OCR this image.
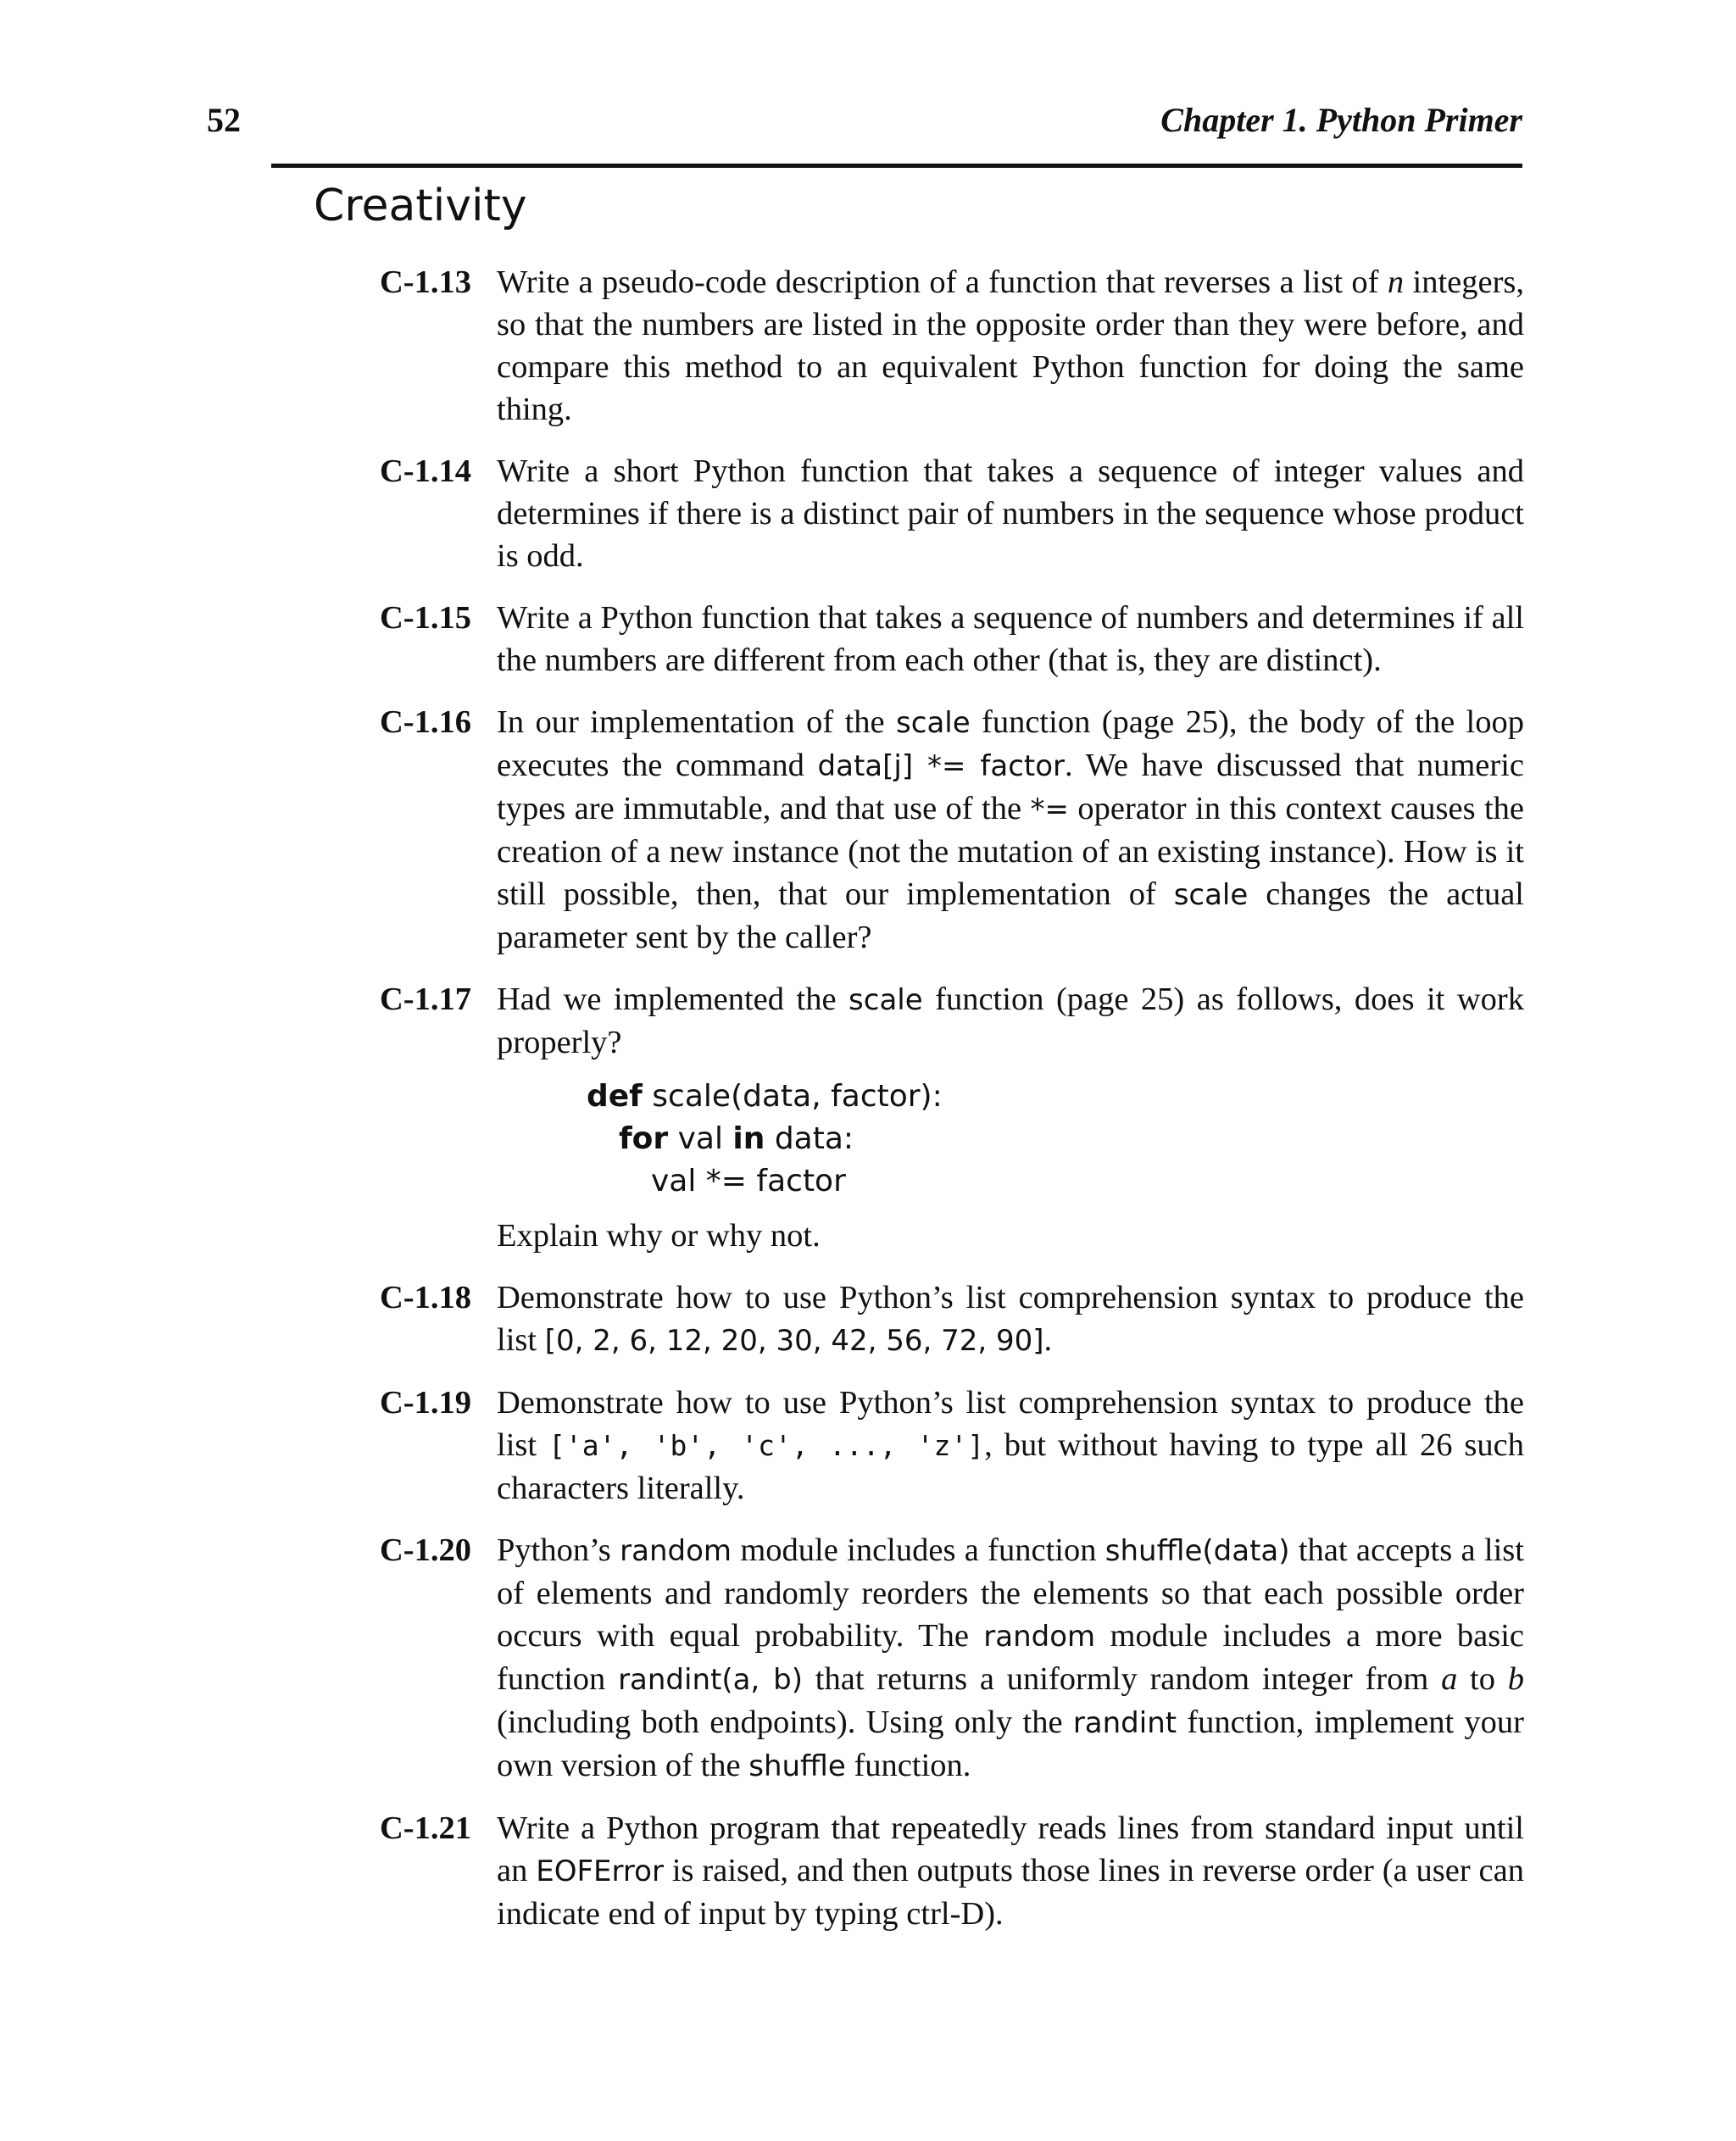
52	Chapter 1. Python Primer
Creativity
C-1.13 Write a pseudo-code description of a function that reverses a list of n integers, so that the numbers are listed in the opposite order than they were before, and compare this method to an equivalent Python function for doing the same thing.
C-1.14 Write a short Python function that takes a sequence of integer values and determines if there is a distinct pair of numbers in the sequence whose product is odd.
C-1.15 Write a Python function that takes a sequence of numbers and determines if all the numbers are different from each other (that is, they are distinct).
C-1.16 In our implementation of the scale function (page 25), the body of the loop executes the command data[j] *= factor. We have discussed that numeric types are immutable, and that use of the *= operator in this context causes the creation of a new instance (not the mutation of an existing instance). How is it still possible, then, that our implementation of scale changes the actual parameter sent by the caller?
C-1.17 Had we implemented the scale function (page 25) as follows, does it work properly?
def scale(data, factor):
for val in data:
val *= factor
Explain why or why not.
C-1.18 Demonstrate how to use Python’s list comprehension syntax to produce the list [0, 2, 6, 12, 20, 30, 42, 56, 72, 90].
C-1.19 Demonstrate how to use Python’s list comprehension syntax to produce the list ['a', 'b', 'c', ..., 'z'], but without having to type all 26 such characters literally.
C-1.20 Python’s random module includes a function shuffle(data) that accepts a list of elements and randomly reorders the elements so that each possible order occurs with equal probability. The random module includes a more basic function randint(a, b) that returns a uniformly random integer from a to b (including both endpoints). Using only the randint function, implement your own version of the shuffle function.
C-1.21 Write a Python program that repeatedly reads lines from standard input until an EOFError is raised, and then outputs those lines in reverse order (a user can indicate end of input by typing ctrl-D).
